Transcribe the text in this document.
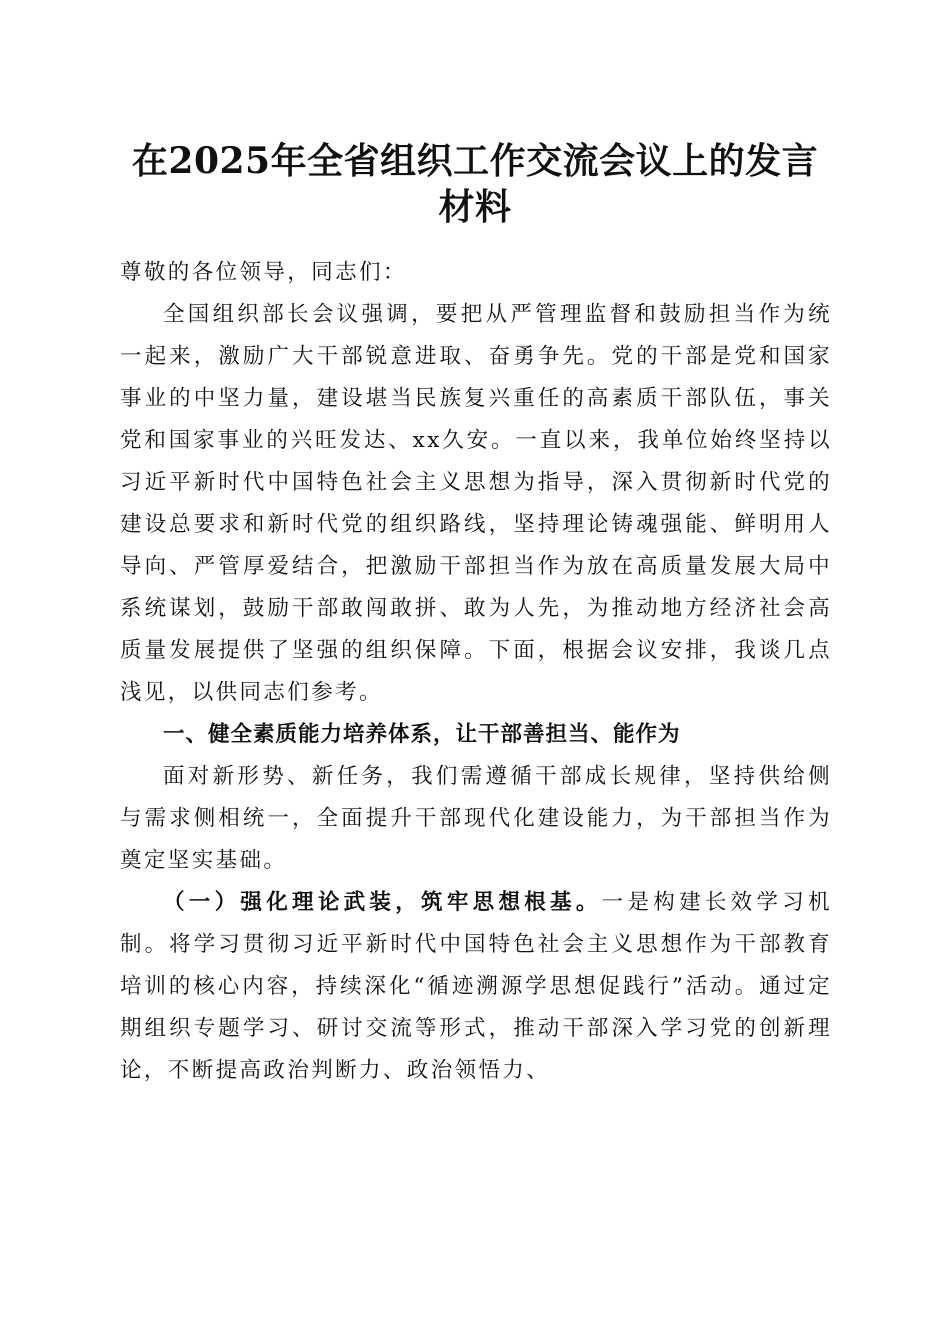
在2025年全省组织工作交流会议上的发言材料

尊敬的各位领导，同志们：

全国组织部长会议强调，要把从严管理监督和鼓励担当作为统一起来，激励广大干部锐意进取、奋勇争先。党的干部是党和国家事业的中坚力量，建设堪当民族复兴重任的高素质干部队伍，事关党和国家事业的兴旺发达、xx久安。一直以来，我单位始终坚持以习近平新时代中国特色社会主义思想为指导，深入贯彻新时代党的建设总要求和新时代党的组织路线，坚持理论铸魂强能、鲜明用人导向、严管厚爱结合，把激励干部担当作为放在高质量发展大局中系统谋划，鼓励干部敢闯敢拼、敢为人先，为推动地方经济社会高质量发展提供了坚强的组织保障。下面，根据会议安排，我谈几点浅见，以供同志们参考。

一、健全素质能力培养体系，让干部善担当、能作为

面对新形势、新任务，我们需遵循干部成长规律，坚持供给侧与需求侧相统一，全面提升干部现代化建设能力，为干部担当作为奠定坚实基础。

（一）强化理论武装，筑牢思想根基。一是构建长效学习机制。将学习贯彻习近平新时代中国特色社会主义思想作为干部教育培训的核心内容，持续深化“循迹溯源学思想促践行”活动。通过定期组织专题学习、研讨交流等形式，推动干部深入学习党的创新理论，不断提高政治判断力、政治领悟力、
